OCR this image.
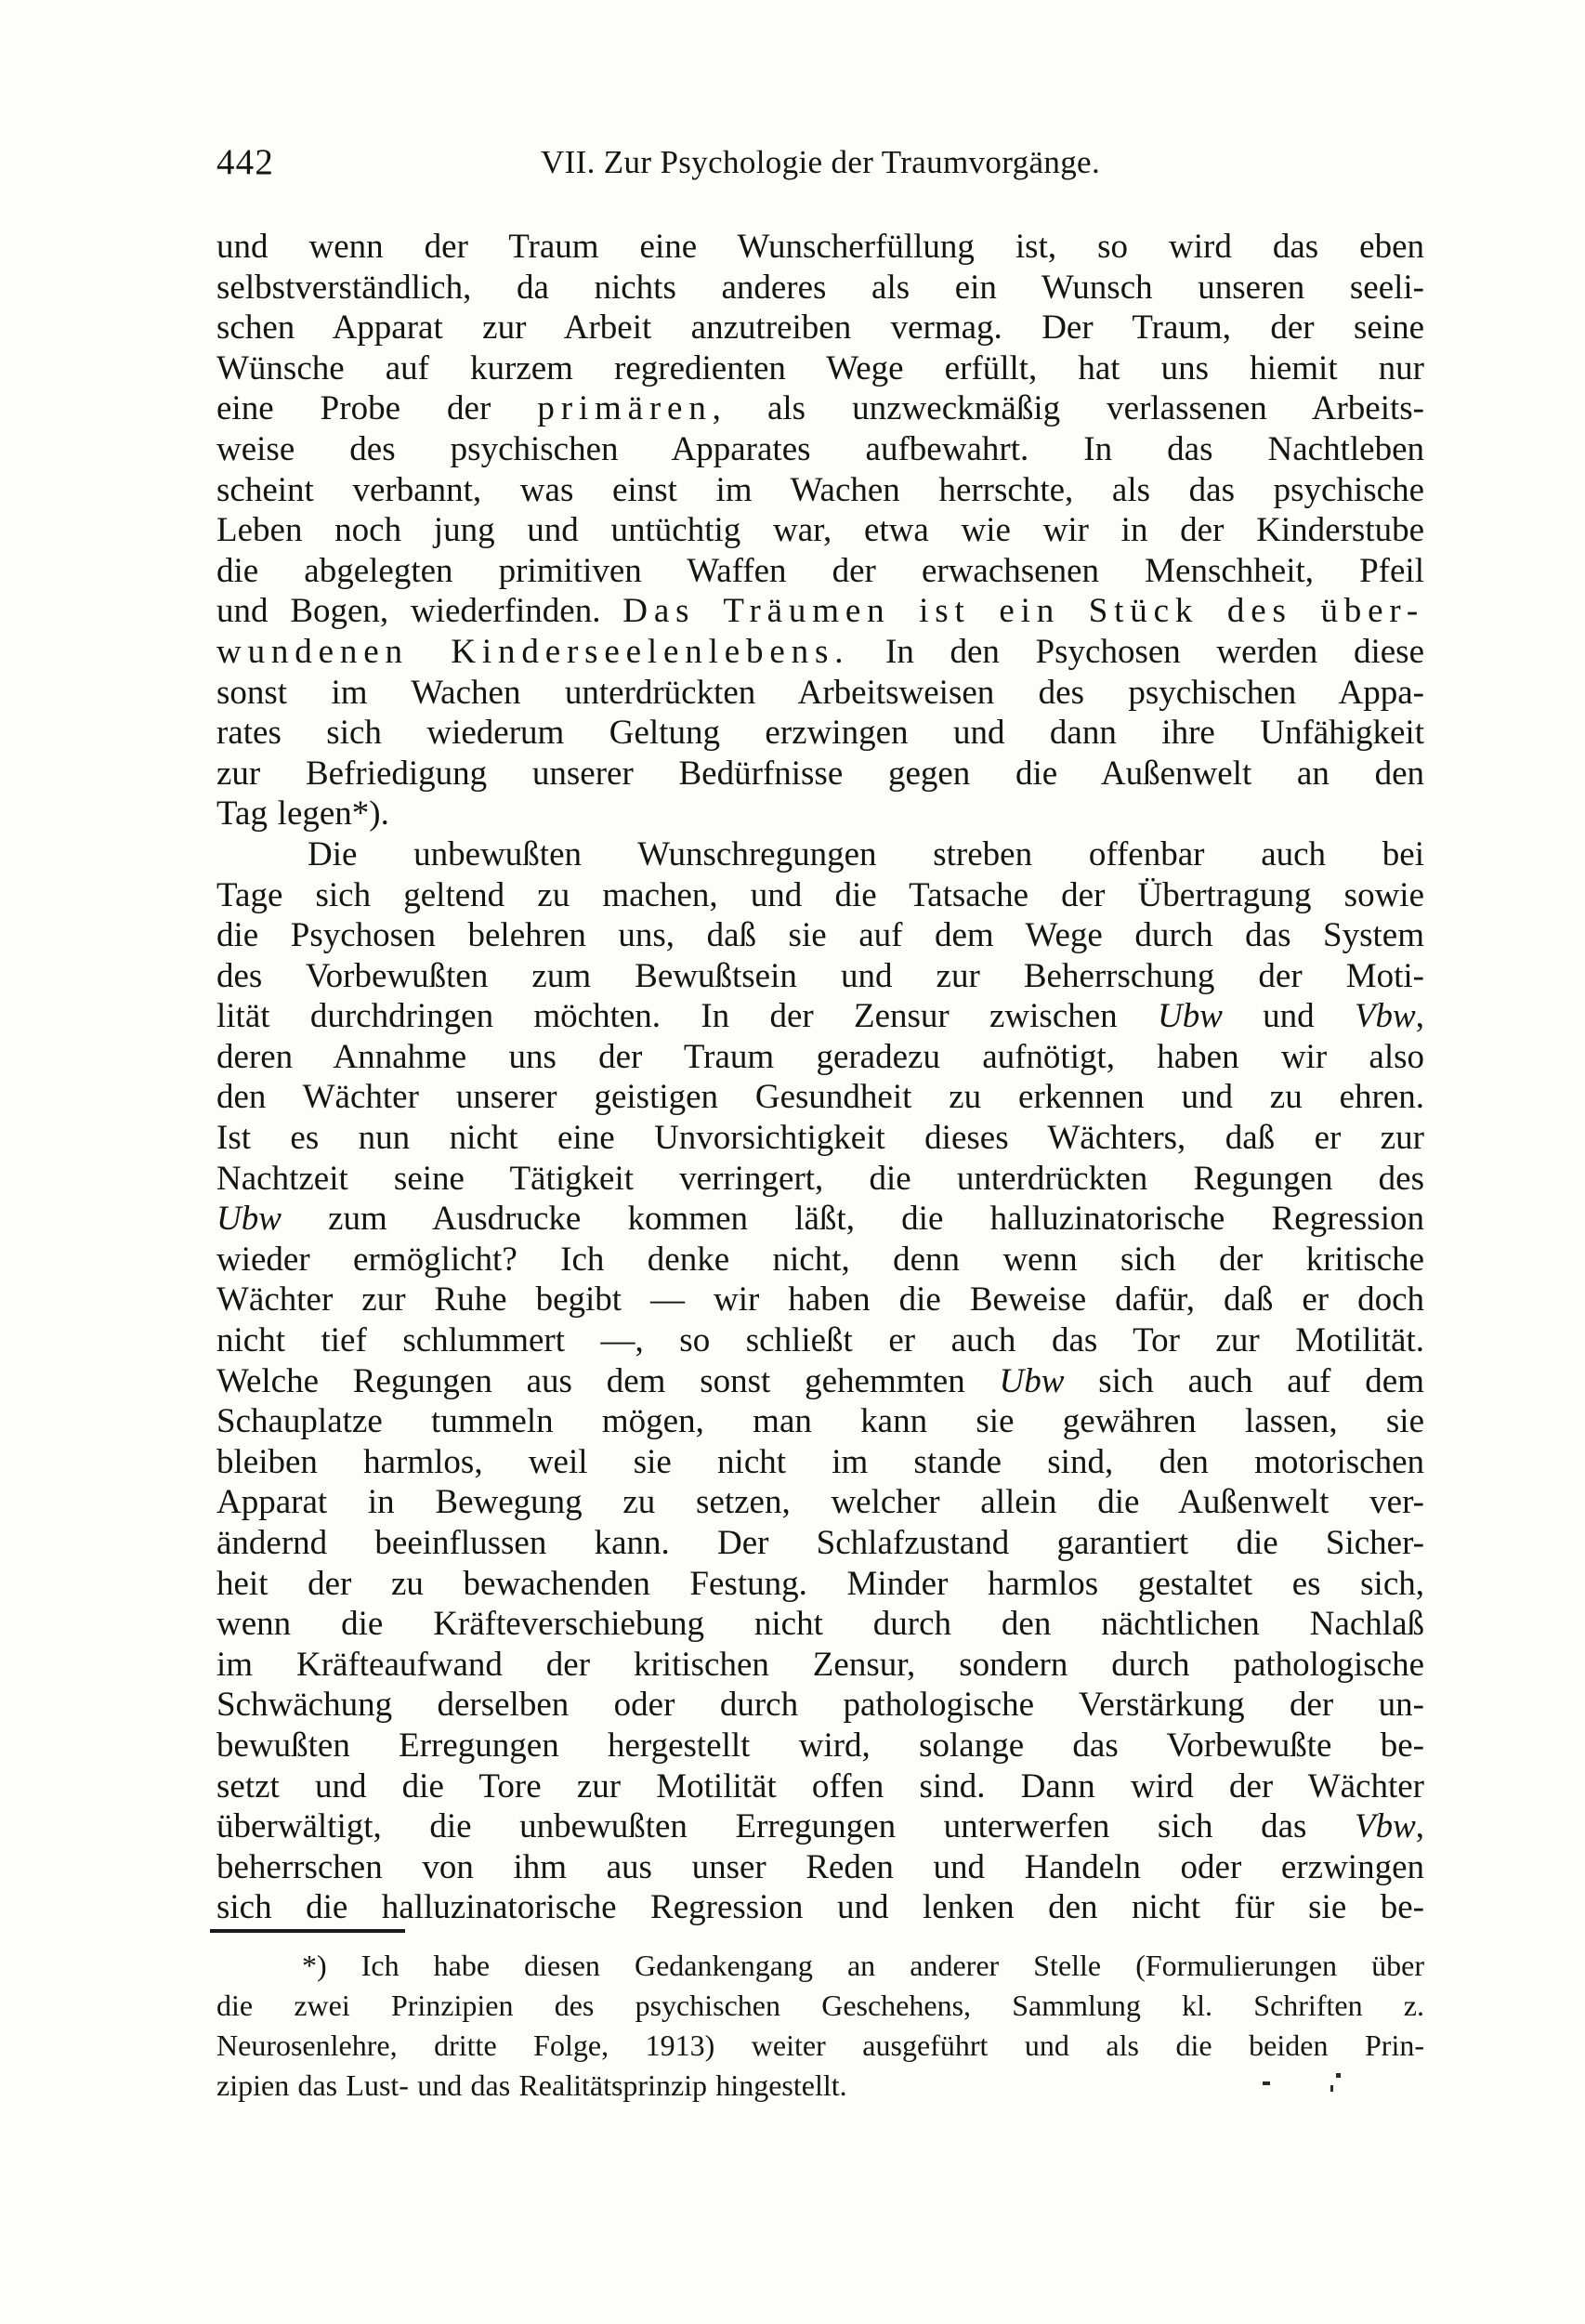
442	VII. Zur Psychologie der Traumvorgänge.
und wenn der Traum eine Wunscherfüllung ist, so wird das eben
selbstverständlich, da nichts anderes als ein Wunsch unseren seeli-
schen Apparat zur Arbeit anzutreiben vermag. Der Traum, der seine
Wünsche auf kurzem regredienten Wege erfüllt, hat uns hiemit nur
eine Probe der primären, als unzweckmäßig verlassenen Arbeits-
weise des psychischen Apparates aufbewahrt. In das Nachtleben
scheint verbannt, was einst im Wachen herrschte, als das psychische
Leben noch jung und untüchtig war, etwa wie wir in der Kinderstube
die abgelegten primitiven Waffen der erwachsenen Menschheit, Pfeil
und Bogen, wiederfinden. Das Träumen ist ein Stück des über-
wundenen Kinderseelenlebens. In den Psychosen werden diese
sonst im Wachen unterdrückten Arbeitsweisen des psychischen Appa-
rates sich wiederum Geltung erzwingen und dann ihre Unfähigkeit
zur Befriedigung unserer Bedürfnisse gegen die Außenwelt an den
Tag legen*).
Die unbewußten Wunschregungen streben offenbar auch bei
Tage sich geltend zu machen, und die Tatsache der Übertragung sowie
die Psychosen belehren uns, daß sie auf dem Wege durch das System
des Vorbewußten zum Bewußtsein und zur Beherrschung der Moti-
lität durchdringen möchten. In der Zensur zwischen Ubw und Vbw,
deren Annahme uns der Traum geradezu aufnötigt, haben wir also
den Wächter unserer geistigen Gesundheit zu erkennen und zu ehren.
Ist es nun nicht eine Unvorsichtigkeit dieses Wächters, daß er zur
Nachtzeit seine Tätigkeit verringert, die unterdrückten Regungen des
Ubw zum Ausdrucke kommen läßt, die halluzinatorische Regression
wieder ermöglicht? Ich denke nicht, denn wenn sich der kritische
Wächter zur Ruhe begibt — wir haben die Beweise dafür, daß er doch
nicht tief schlummert —, so schließt er auch das Tor zur Motilität.
Welche Regungen aus dem sonst gehemmten Ubw sich auch auf dem
Schauplatze tummeln mögen, man kann sie gewähren lassen, sie
bleiben harmlos, weil sie nicht im stande sind, den motorischen
Apparat in Bewegung zu setzen, welcher allein die Außenwelt ver-
ändernd beeinflussen kann. Der Schlafzustand garantiert die Sicher-
heit der zu bewachenden Festung. Minder harmlos gestaltet es sich,
wenn die Kräfteverschiebung nicht durch den nächtlichen Nachlaß
im Kräfteaufwand der kritischen Zensur, sondern durch pathologische
Schwächung derselben oder durch pathologische Verstärkung der un-
bewußten Erregungen hergestellt wird, solange das Vorbewußte be-
setzt und die Tore zur Motilität offen sind. Dann wird der Wächter
überwältigt, die unbewußten Erregungen unterwerfen sich das Vbw,
beherrschen von ihm aus unser Reden und Handeln oder erzwingen
sich die halluzinatorische Regression und lenken den nicht für sie be-
*) Ich habe diesen Gedankengang an anderer Stelle (Formulierungen über
die zwei Prinzipien des psychischen Geschehens, Sammlung kl. Schriften z.
Neurosenlehre, dritte Folge, 1913) weiter ausgeführt und als die beiden Prin-
zipien das Lust- und das Realitätsprinzip hingestellt.
